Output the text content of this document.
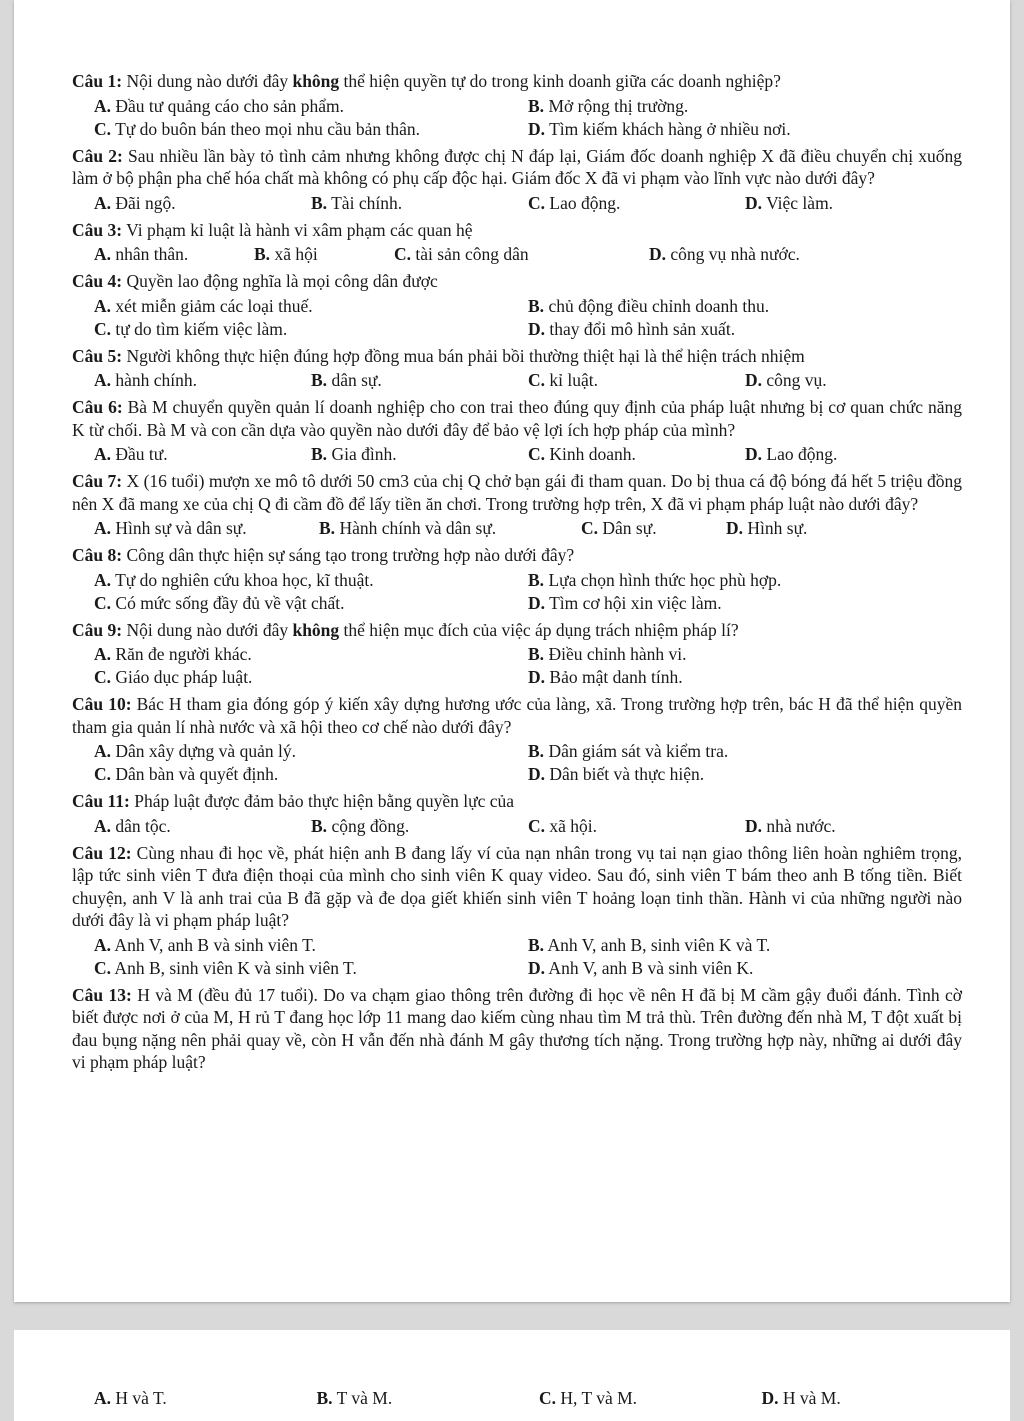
Câu 1: Nội dung nào dưới đây không thể hiện quyền tự do trong kinh doanh giữa các doanh nghiệp?
A. Đầu tư quảng cáo cho sản phẩm.	B. Mở rộng thị trường.
C. Tự do buôn bán theo mọi nhu cầu bản thân.	D. Tìm kiếm khách hàng ở nhiều nơi.
Câu 2: Sau nhiều lần bày tỏ tình cảm nhưng không được chị N đáp lại, Giám đốc doanh nghiệp X đã điều chuyển chị xuống làm ở bộ phận pha chế hóa chất mà không có phụ cấp độc hại. Giám đốc X đã vi phạm vào lĩnh vực nào dưới đây?
A. Đãi ngộ.	B. Tài chính.	C. Lao động.	D. Việc làm.
Câu 3: Vi phạm kỉ luật là hành vi xâm phạm các quan hệ
A. nhân thân.	B. xã hội	C. tài sản công dân	D. công vụ nhà nước.
Câu 4: Quyền lao động nghĩa là mọi công dân được
A. xét miễn giảm các loại thuế.	B. chủ động điều chỉnh doanh thu.
C. tự do tìm kiếm việc làm.	D. thay đổi mô hình sản xuất.
Câu 5: Người không thực hiện đúng hợp đồng mua bán phải bồi thường thiệt hại là thể hiện trách nhiệm
A. hành chính.	B. dân sự.	C. kỉ luật.	D. công vụ.
Câu 6: Bà M chuyển quyền quản lí doanh nghiệp cho con trai theo đúng quy định của pháp luật nhưng bị cơ quan chức năng K từ chối. Bà M và con cần dựa vào quyền nào dưới đây để bảo vệ lợi ích hợp pháp của mình?
A. Đầu tư.	B. Gia đình.	C. Kinh doanh.	D. Lao động.
Câu 7: X (16 tuổi) mượn xe mô tô dưới 50 cm3 của chị Q chở bạn gái đi tham quan. Do bị thua cá độ bóng đá hết 5 triệu đồng nên X đã mang xe của chị Q đi cầm đồ để lấy tiền ăn chơi. Trong trường hợp trên, X đã vi phạm pháp luật nào dưới đây?
A. Hình sự và dân sự.	B. Hành chính và dân sự.	C. Dân sự.	D. Hình sự.
Câu 8: Công dân thực hiện sự sáng tạo trong trường hợp nào dưới đây?
A. Tự do nghiên cứu khoa học, kĩ thuật.	B. Lựa chọn hình thức học phù hợp.
C. Có mức sống đầy đủ về vật chất.	D. Tìm cơ hội xin việc làm.
Câu 9: Nội dung nào dưới đây không thể hiện mục đích của việc áp dụng trách nhiệm pháp lí?
A. Răn đe người khác.	B. Điều chỉnh hành vi.
C. Giáo dục pháp luật.	D. Bảo mật danh tính.
Câu 10: Bác H tham gia đóng góp ý kiến xây dựng hương ước của làng, xã. Trong trường hợp trên, bác H đã thể hiện quyền tham gia quản lí nhà nước và xã hội theo cơ chế nào dưới đây?
A. Dân xây dựng và quản lý.	B. Dân giám sát và kiểm tra.
C. Dân bàn và quyết định.	D. Dân biết và thực hiện.
Câu 11: Pháp luật được đảm bảo thực hiện bằng quyền lực của
A. dân tộc.	B. cộng đồng.	C. xã hội.	D. nhà nước.
Câu 12: Cùng nhau đi học về, phát hiện anh B đang lấy ví của nạn nhân trong vụ tai nạn giao thông liên hoàn nghiêm trọng, lập tức sinh viên T đưa điện thoại của mình cho sinh viên K quay video. Sau đó, sinh viên T bám theo anh B tống tiền. Biết chuyện, anh V là anh trai của B đã gặp và đe dọa giết khiến sinh viên T hoảng loạn tinh thần. Hành vi của những người nào dưới đây là vi phạm pháp luật?
A. Anh V, anh B và sinh viên T.	B. Anh V, anh B, sinh viên K và T.
C. Anh B, sinh viên K và sinh viên T.	D. Anh V, anh B và sinh viên K.
Câu 13: H và M (đều đủ 17 tuổi). Do va chạm giao thông trên đường đi học về nên H đã bị M cầm gậy đuổi đánh. Tình cờ biết được nơi ở của M, H rủ T đang học lớp 11 mang dao kiếm cùng nhau tìm M trả thù. Trên đường đến nhà M, T đột xuất bị đau bụng nặng nên phải quay về, còn H vẫn đến nhà đánh M gây thương tích nặng. Trong trường hợp này, những ai dưới đây vi phạm pháp luật?
A. H và T.	B. T và M.	C. H, T và M.	D. H và M.
